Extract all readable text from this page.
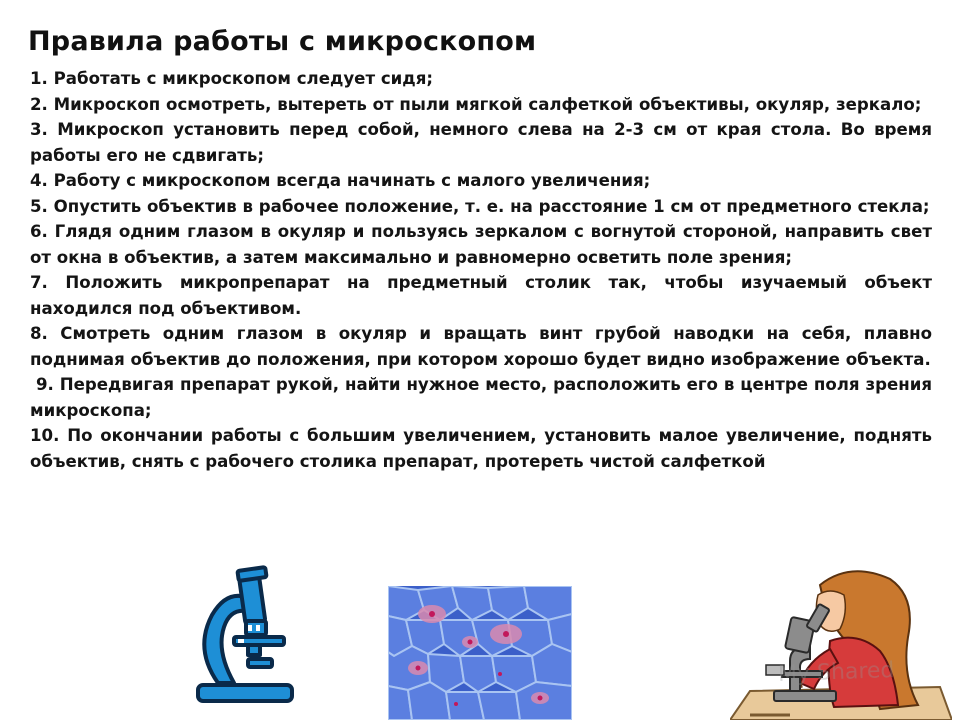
Правила работы с микроскопом

1. Работать с микроскопом следует сидя;

2. Микроскоп осмотреть, вытереть от пыли мягкой салфеткой объективы, окуляр, зеркало;

3. Микроскоп установить перед собой, немного слева на 2-3 см от края стола. Во время работы его не сдвигать;

4. Работу с микроскопом всегда начинать с малого увеличения;

5. Опустить объектив в рабочее положение, т. е. на расстояние 1 см от предметного стекла;

6. Глядя одним глазом в окуляр и пользуясь зеркалом с вогнутой стороной, направить свет от окна в объектив, а затем максимально и равномерно осветить поле зрения;

7. Положить микропрепарат на предметный столик так, чтобы изучаемый объект находился под объективом.

8. Смотреть одним глазом в окуляр и вращать винт грубой наводки на себя, плавно поднимая объектив до положения, при котором хорошо будет видно изображение объекта.

9. Передвигая препарат рукой, найти нужное место, расположить его в центре поля зрения микроскопа;

10. По окончании работы с большим увеличением, установить малое увеличение, поднять объектив, снять с рабочего столика препарат, протереть чистой салфеткой

My Shared
